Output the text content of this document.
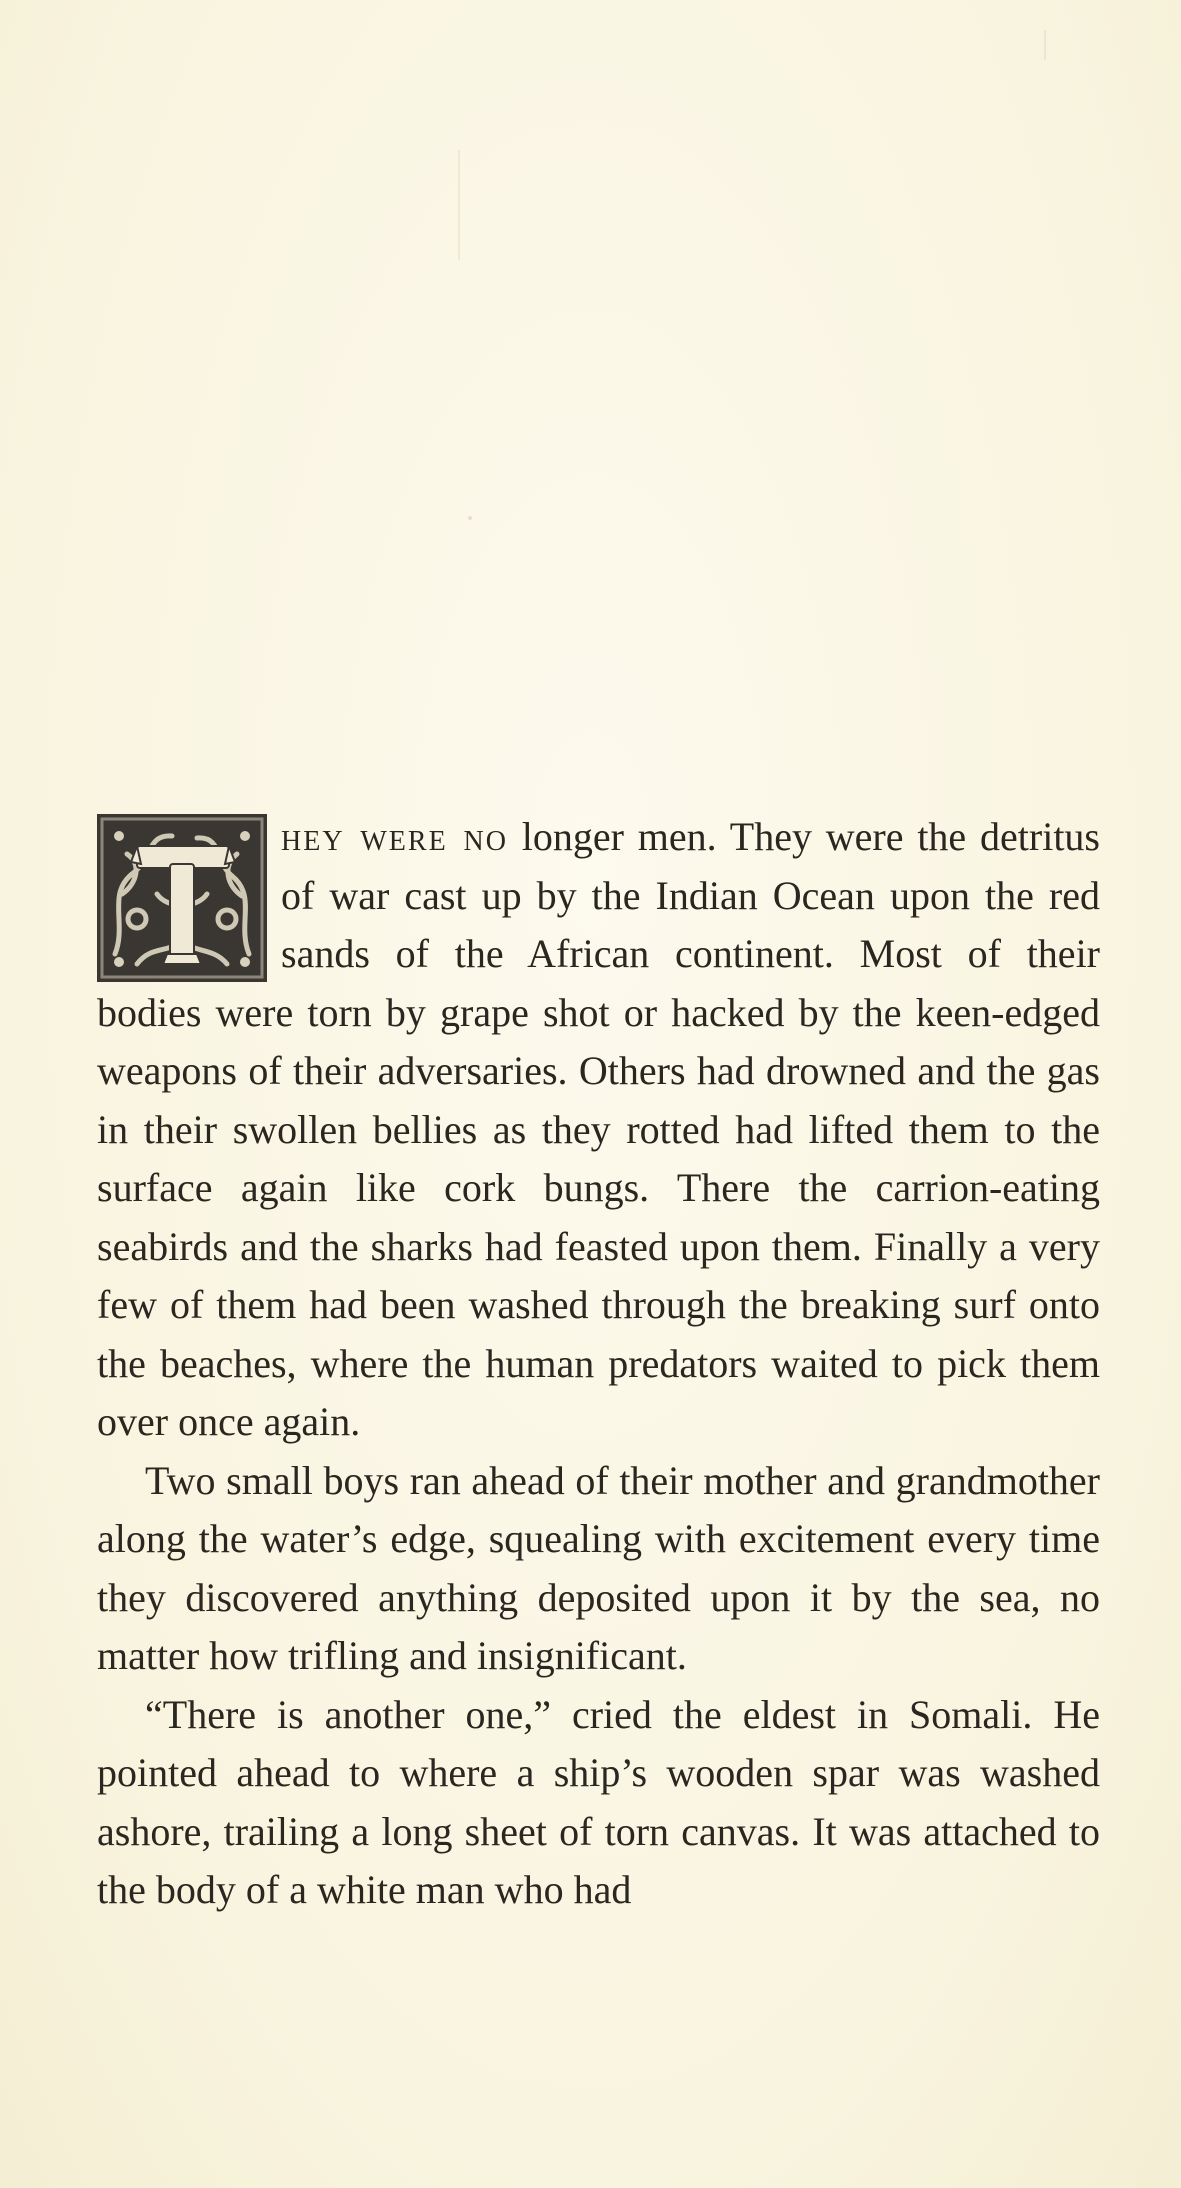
hey were no longer men. They were the detritus of war cast up by the Indian Ocean upon the red sands of the African continent. Most of their bodies were torn by grape shot or hacked by the keen-edged weapons of their adversaries. Others had drowned and the gas in their swollen bellies as they rotted had lifted them to the surface again like cork bungs. There the carrion-eating seabirds and the sharks had feasted upon them. Finally a very few of them had been washed through the breaking surf onto the beaches, where the human predators waited to pick them over once again.

Two small boys ran ahead of their mother and grandmother along the water’s edge, squealing with excitement every time they discovered anything deposited upon it by the sea, no matter how trifling and insignificant.

“There is another one,” cried the eldest in Somali. He pointed ahead to where a ship’s wooden spar was washed ashore, trailing a long sheet of torn canvas. It was attached to the body of a white man who had
